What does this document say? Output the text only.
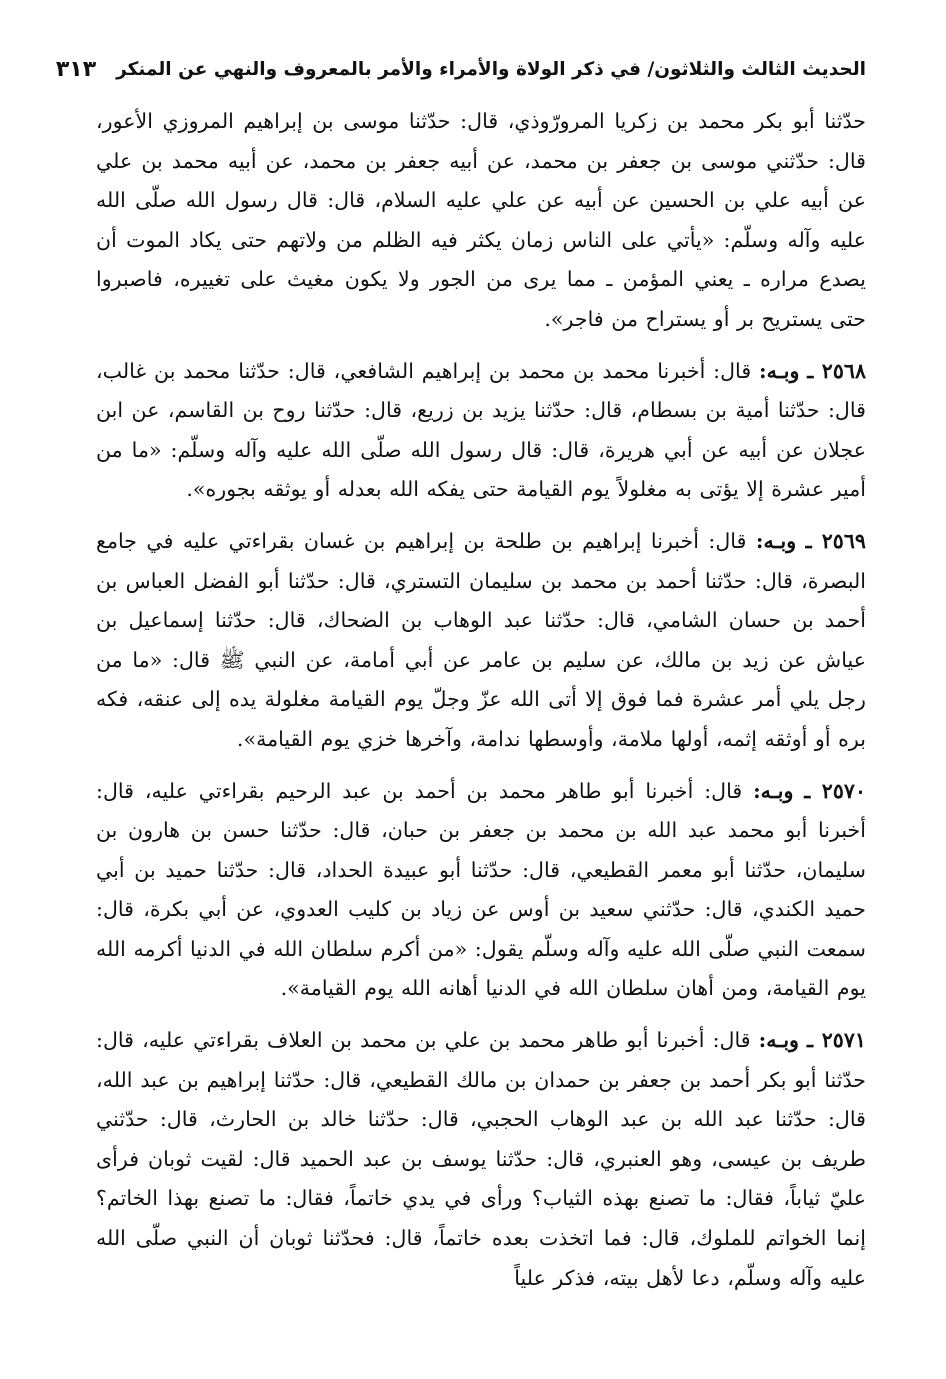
الحديث الثالث والثلاثون/ في ذكر الولاة والأمراء والأمر بالمعروف والنهي عن المنكر
٣١٣

حدّثنا أبو بكر محمد بن زكريا المرورّوذي، قال: حدّثنا موسى بن إبراهيم المروزي الأعور، قال: حدّثني موسى بن جعفر بن محمد، عن أبيه جعفر بن محمد، عن أبيه محمد بن علي عن أبيه علي بن الحسين عن أبيه عن علي عليه السلام، قال: قال رسول الله صلّى الله عليه وآله وسلّم: «يأتي على الناس زمان يكثر فيه الظلم من ولاتهم حتى يكاد الموت أن يصدع مراره ـ يعني المؤمن ـ مما يرى من الجور ولا يكون مغيث على تغييره، فاصبروا حتى يستريح بر أو يستراح من فاجر».

٢٥٦٨ ـ وبـه: قال: أخبرنا محمد بن محمد بن إبراهيم الشافعي، قال: حدّثنا محمد بن غالب، قال: حدّثنا أمية بن بسطام، قال: حدّثنا يزيد بن زريع، قال: حدّثنا روح بن القاسم، عن ابن عجلان عن أبيه عن أبي هريرة، قال: قال رسول الله صلّى الله عليه وآله وسلّم: «ما من أمير عشرة إلا يؤتى به مغلولاً يوم القيامة حتى يفكه الله بعدله أو يوثقه بجوره».

٢٥٦٩ ـ وبـه: قال: أخبرنا إبراهيم بن طلحة بن إبراهيم بن غسان بقراءتي عليه في جامع البصرة، قال: حدّثنا أحمد بن محمد بن سليمان التستري، قال: حدّثنا أبو الفضل العباس بن أحمد بن حسان الشامي، قال: حدّثنا عبد الوهاب بن الضحاك، قال: حدّثنا إسماعيل بن عياش عن زيد بن مالك، عن سليم بن عامر عن أبي أمامة، عن النبي ﷺ قال: «ما من رجل يلي أمر عشرة فما فوق إلا أتى الله عزّ وجلّ يوم القيامة مغلولة يده إلى عنقه، فكه بره أو أوثقه إثمه، أولها ملامة، وأوسطها ندامة، وآخرها خزي يوم القيامة».

٢٥٧٠ ـ وبـه: قال: أخبرنا أبو طاهر محمد بن أحمد بن عبد الرحيم بقراءتي عليه، قال: أخبرنا أبو محمد عبد الله بن محمد بن جعفر بن حبان، قال: حدّثنا حسن بن هارون بن سليمان، حدّثنا أبو معمر القطيعي، قال: حدّثنا أبو عبيدة الحداد، قال: حدّثنا حميد بن أبي حميد الكندي، قال: حدّثني سعيد بن أوس عن زياد بن كليب العدوي، عن أبي بكرة، قال: سمعت النبي صلّى الله عليه وآله وسلّم يقول: «من أكرم سلطان الله في الدنيا أكرمه الله يوم القيامة، ومن أهان سلطان الله في الدنيا أهانه الله يوم القيامة».

٢٥٧١ ـ وبـه: قال: أخبرنا أبو طاهر محمد بن علي بن محمد بن العلاف بقراءتي عليه، قال: حدّثنا أبو بكر أحمد بن جعفر بن حمدان بن مالك القطيعي، قال: حدّثنا إبراهيم بن عبد الله، قال: حدّثنا عبد الله بن عبد الوهاب الحجبي، قال: حدّثنا خالد بن الحارث، قال: حدّثني طريف بن عيسى، وهو العنبري، قال: حدّثنا يوسف بن عبد الحميد قال: لقيت ثوبان فرأى عليّ ثياباً، فقال: ما تصنع بهذه الثياب؟ ورأى في يدي خاتماً، فقال: ما تصنع بهذا الخاتم؟ إنما الخواتم للملوك، قال: فما اتخذت بعده خاتماً، قال: فحدّثنا ثوبان أن النبي صلّى الله عليه وآله وسلّم، دعا لأهل بيته، فذكر علياً
